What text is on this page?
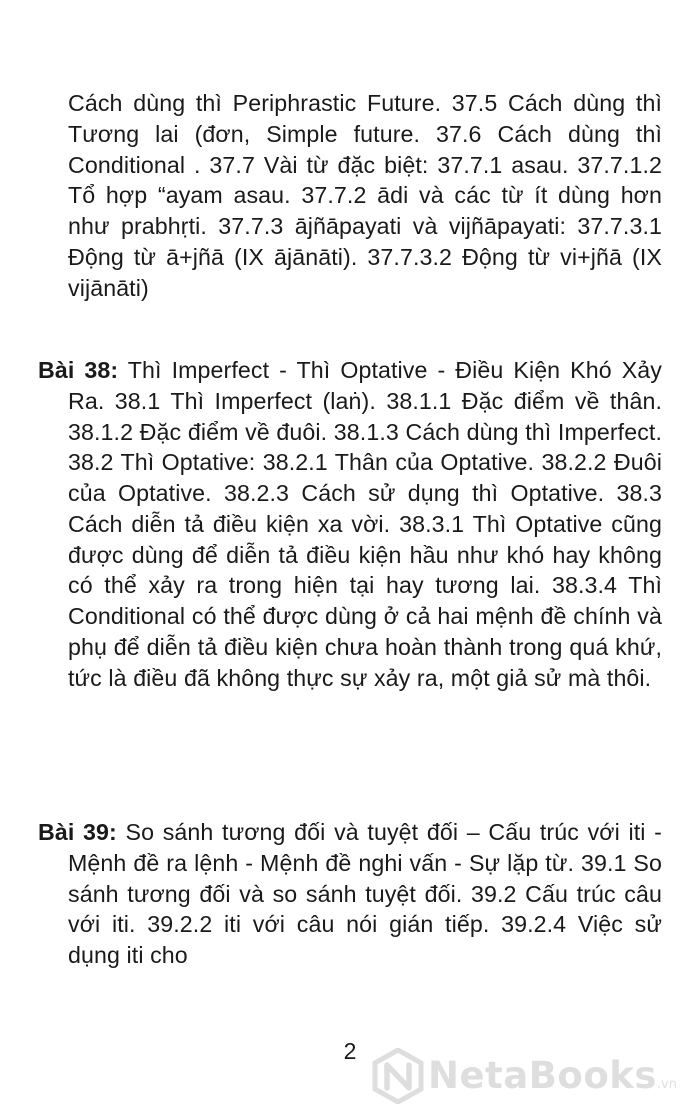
Cách dùng thì Periphrastic Future. 37.5 Cách dùng thì Tương lai (đơn, Simple future. 37.6 Cách dùng thì Conditional . 37.7 Vài từ đặc biệt: 37.7.1 asau. 37.7.1.2 Tổ hợp “ayam asau. 37.7.2 ādi và các từ ít dùng hơn như prabhṛti. 37.7.3 ājñāpayati và vijñāpayati: 37.7.3.1 Động từ ā+jñā (IX ājānāti). 37.7.3.2 Động từ vi+jñā (IX vijānāti)
Bài 38: Thì Imperfect - Thì Optative - Điều Kiện Khó Xảy Ra. 38.1 Thì Imperfect (laṅ). 38.1.1 Đặc điểm về thân. 38.1.2 Đặc điểm về đuôi. 38.1.3 Cách dùng thì Imperfect. 38.2 Thì Optative: 38.2.1 Thân của Optative. 38.2.2 Đuôi của Optative. 38.2.3 Cách sử dụng thì Optative. 38.3 Cách diễn tả điều kiện xa vời. 38.3.1 Thì Optative cũng được dùng để diễn tả điều kiện hầu như khó hay không có thể xảy ra trong hiện tại hay tương lai. 38.3.4 Thì Conditional có thể được dùng ở cả hai mệnh đề chính và phụ để diễn tả điều kiện chưa hoàn thành trong quá khứ, tức là điều đã không thực sự xảy ra, một giả sử mà thôi.
Bài 39: So sánh tương đối và tuyệt đối – Cấu trúc với iti - Mệnh đề ra lệnh - Mệnh đề nghi vấn - Sự lặp từ. 39.1 So sánh tương đối và so sánh tuyệt đối. 39.2 Cấu trúc câu với iti. 39.2.2 iti với câu nói gián tiếp. 39.2.4 Việc sử dụng iti cho
2
NetaBooks.vn
